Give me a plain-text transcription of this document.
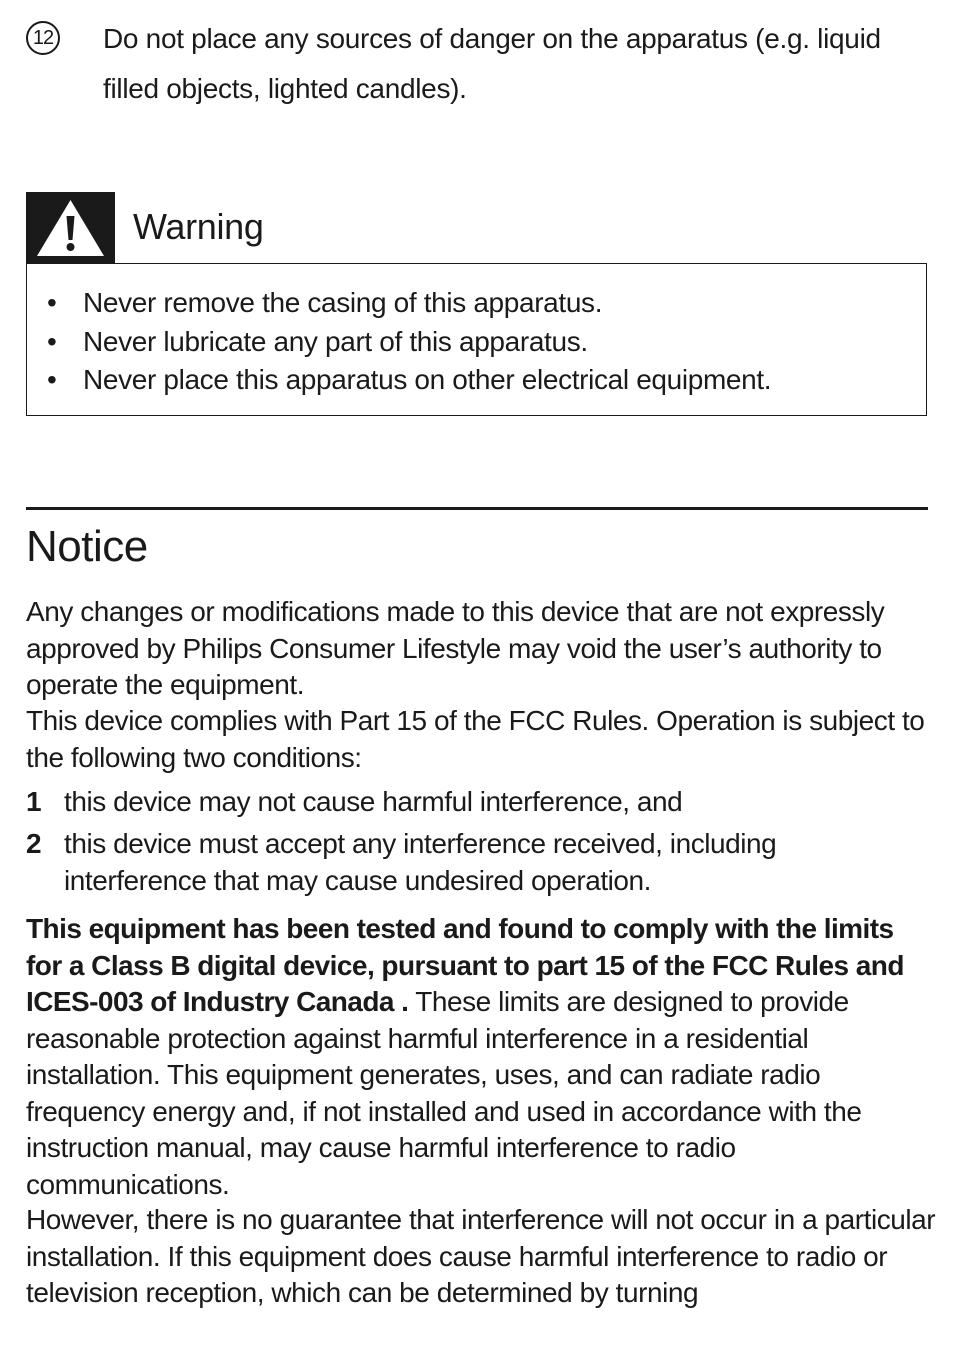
12 Do not place any sources of danger on the apparatus (e.g. liquid filled objects, lighted candles).
Warning
• Never remove the casing of this apparatus.
• Never lubricate any part of this apparatus.
• Never place this apparatus on other electrical equipment.
Notice
Any changes or modifications made to this device that are not expressly approved by Philips Consumer Lifestyle may void the user’s authority to operate the equipment.
This device complies with Part 15 of the FCC Rules. Operation is subject to the following two conditions:
1 this device may not cause harmful interference, and
2 this device must accept any interference received, including interference that may cause undesired operation.
This equipment has been tested and found to comply with the limits for a Class B digital device, pursuant to part 15 of the FCC Rules and ICES-003 of Industry Canada . These limits are designed to provide reasonable protection against harmful interference in a residential installation. This equipment generates, uses, and can radiate radio frequency energy and, if not installed and used in accordance with the instruction manual, may cause harmful interference to radio communications.
However, there is no guarantee that interference will not occur in a particular installation. If this equipment does cause harmful interference to radio or television reception, which can be determined by turning
